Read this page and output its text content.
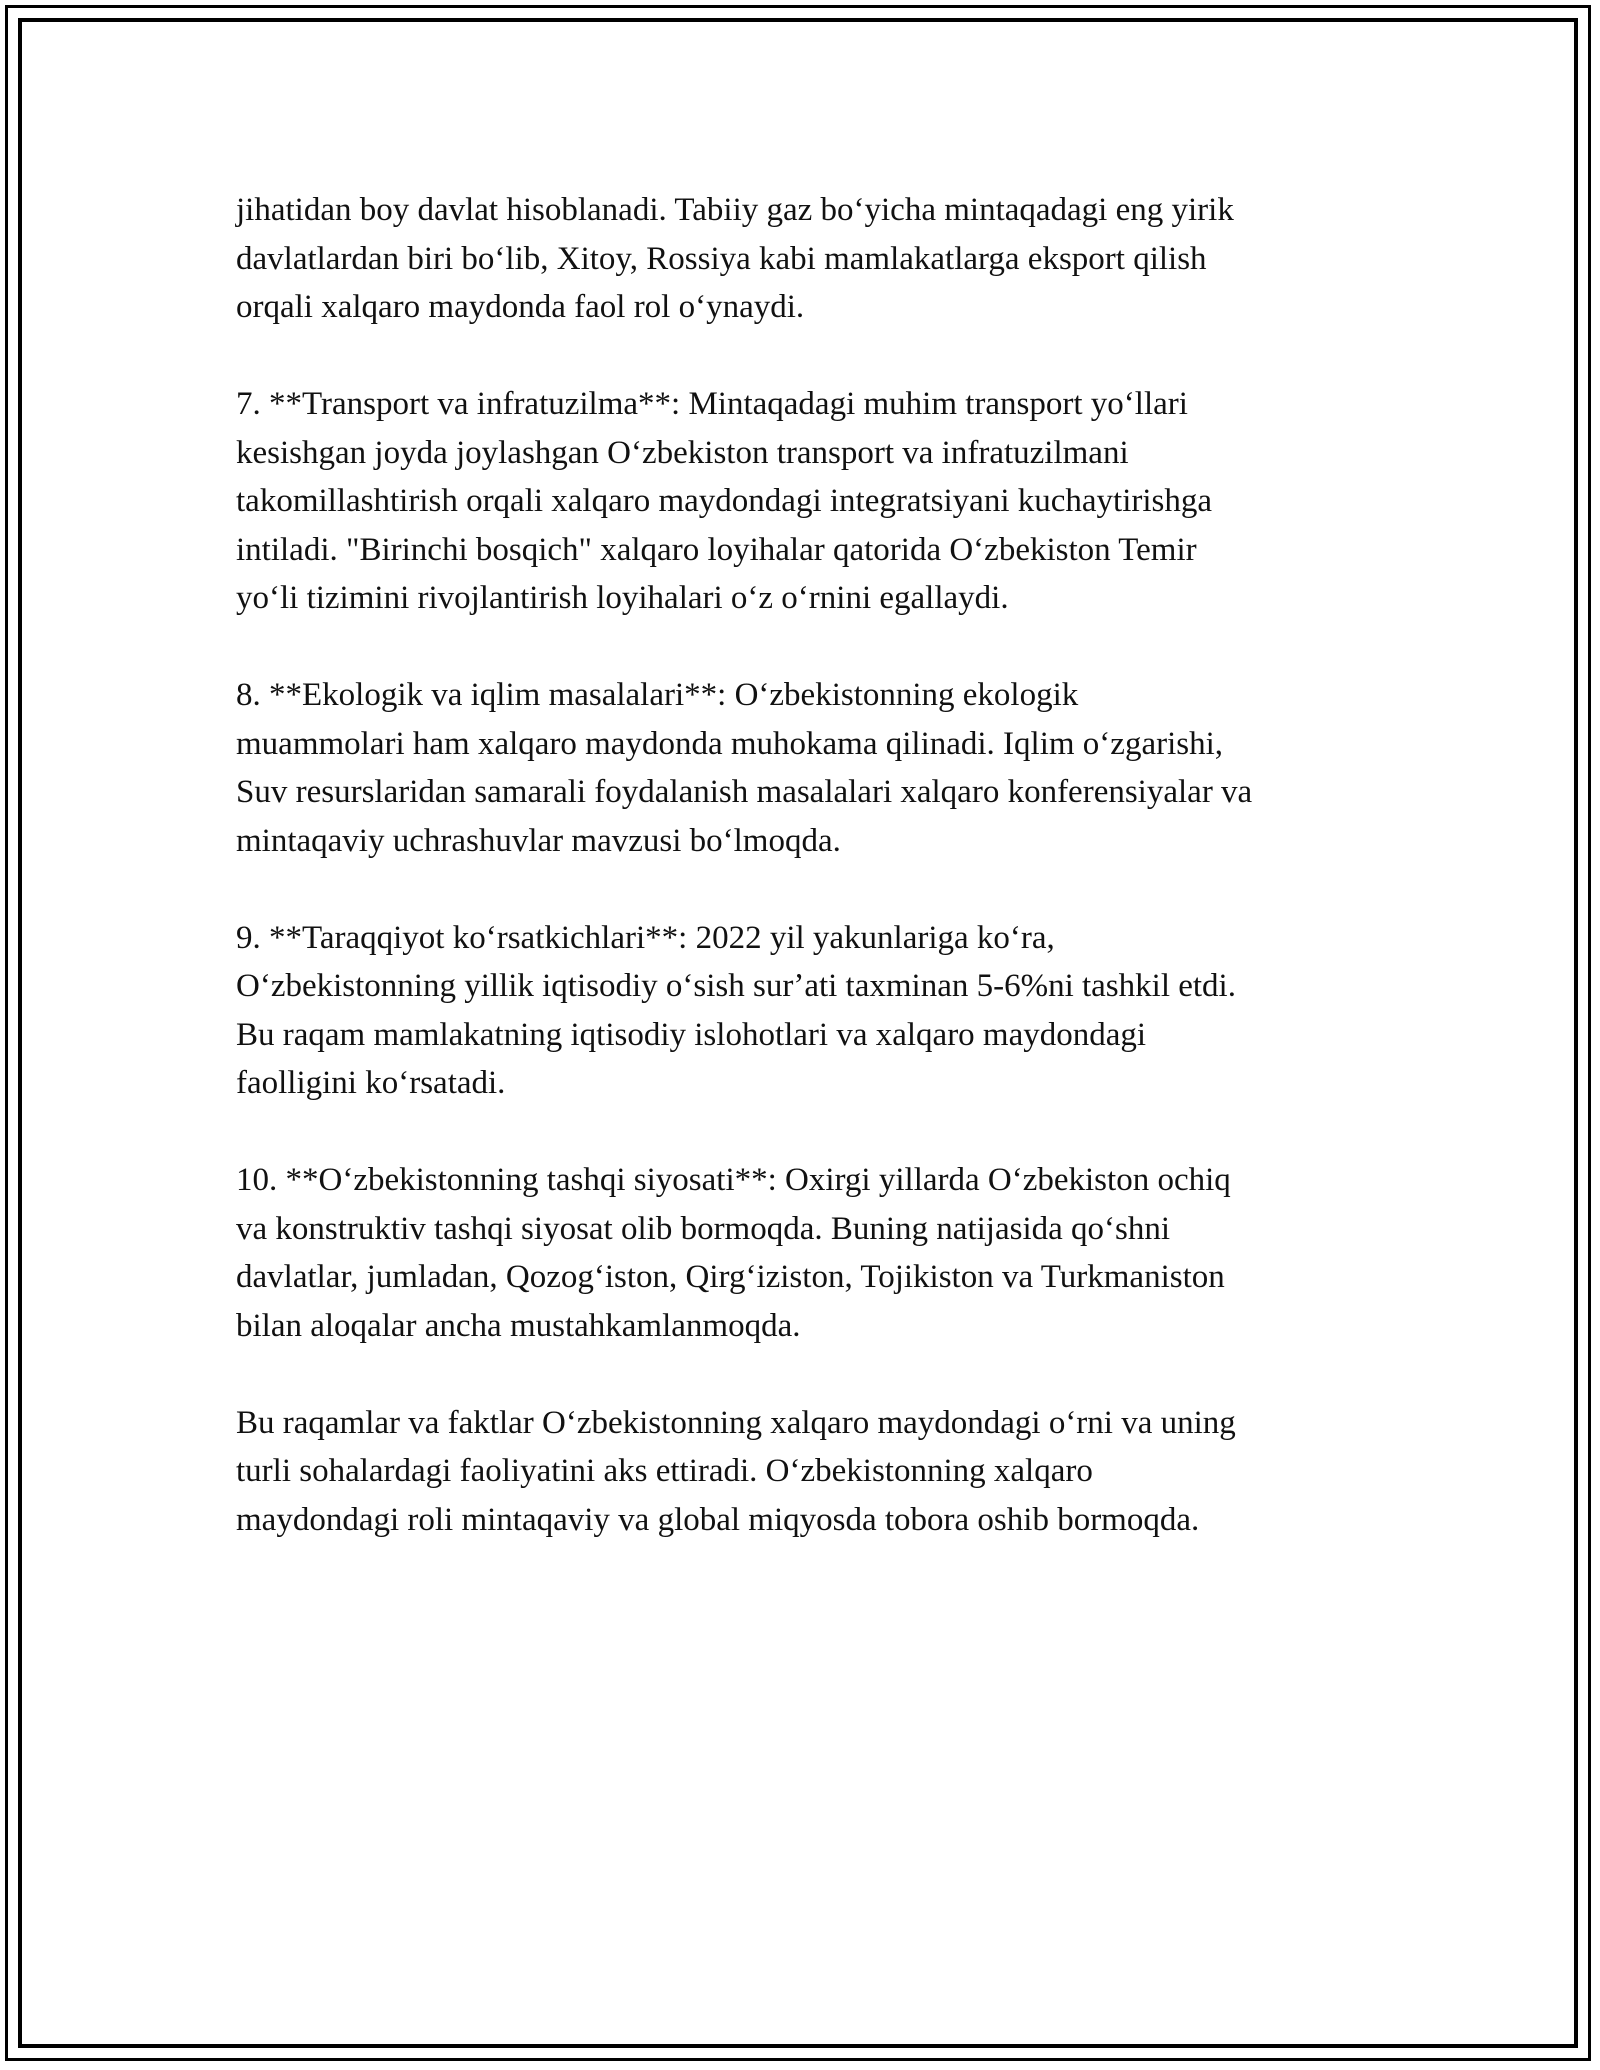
jihatidan boy davlat hisoblanadi. Tabiiy gaz boʻyicha mintaqadagi eng yirik
davlatlardan biri boʻlib, Xitoy, Rossiya kabi mamlakatlarga eksport qilish
orqali xalqaro maydonda faol rol oʻynaydi.

7. **Transport va infratuzilma**: Mintaqadagi muhim transport yoʻllari
kesishgan joyda joylashgan Oʻzbekiston transport va infratuzilmani
takomillashtirish orqali xalqaro maydondagi integratsiyani kuchaytirishga
intiladi. "Birinchi bosqich" xalqaro loyihalar qatorida Oʻzbekiston Temir
yoʻli tizimini rivojlantirish loyihalari oʻz oʻrnini egallaydi.

8. **Ekologik va iqlim masalalari**: Oʻzbekistonning ekologik
muammolari ham xalqaro maydonda muhokama qilinadi. Iqlim oʻzgarishi,
Suv resurslaridan samarali foydalanish masalalari xalqaro konferensiyalar va
mintaqaviy uchrashuvlar mavzusi boʻlmoqda.

9. **Taraqqiyot koʻrsatkichlari**: 2022 yil yakunlariga koʻra,
Oʻzbekistonning yillik iqtisodiy oʻsish surʼati taxminan 5-6%ni tashkil etdi.
Bu raqam mamlakatning iqtisodiy islohotlari va xalqaro maydondagi
faolligini koʻrsatadi.

10. **Oʻzbekistonning tashqi siyosati**: Oxirgi yillarda Oʻzbekiston ochiq
va konstruktiv tashqi siyosat olib bormoqda. Buning natijasida qoʻshni
davlatlar, jumladan, Qozogʻiston, Qirgʻiziston, Tojikiston va Turkmaniston
bilan aloqalar ancha mustahkamlanmoqda.

Bu raqamlar va faktlar Oʻzbekistonning xalqaro maydondagi oʻrni va uning
turli sohalardagi faoliyatini aks ettiradi. Oʻzbekistonning xalqaro
maydondagi roli mintaqaviy va global miqyosda tobora oshib bormoqda.
